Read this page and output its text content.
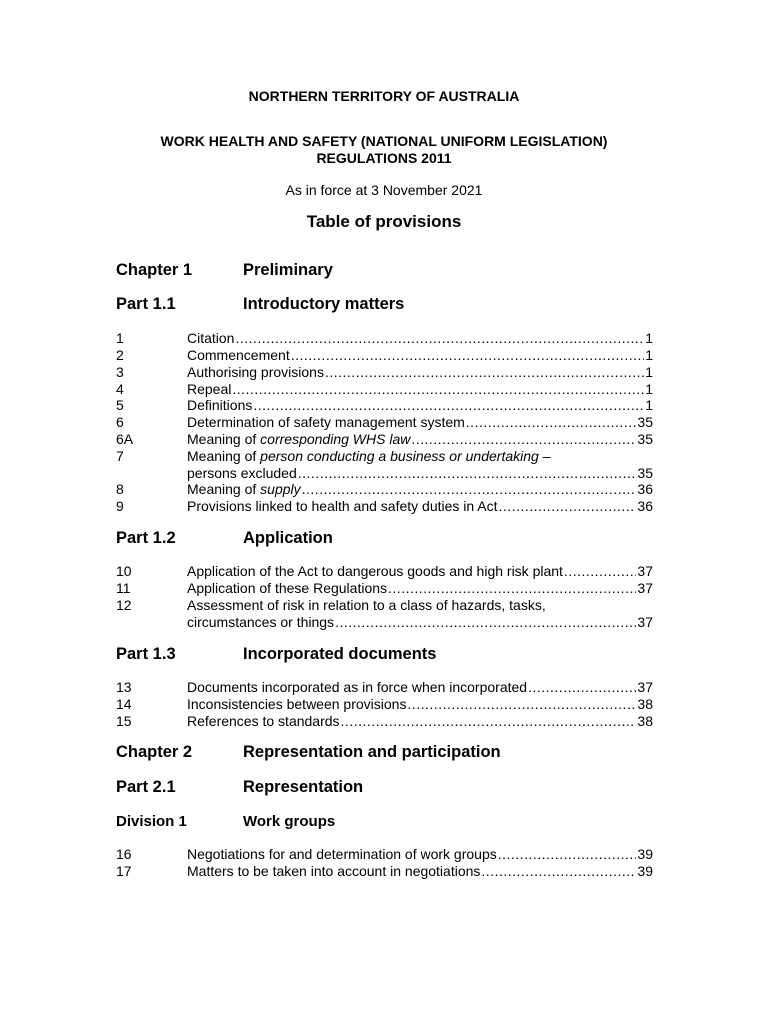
NORTHERN TERRITORY OF AUSTRALIA
WORK HEALTH AND SAFETY (NATIONAL UNIFORM LEGISLATION)
REGULATIONS 2011
As in force at 3 November 2021
Table of provisions
Chapter 1	Preliminary
Part 1.1	Introductory matters
1	Citation .....	1
2	Commencement .....	1
3	Authorising provisions .....	1
4	Repeal .....	1
5	Definitions .....	1
6	Determination of safety management system .....	35
6A	Meaning of corresponding WHS law .....	35
7	Meaning of person conducting a business or undertaking –
persons excluded .....	35
8	Meaning of supply .....	36
9	Provisions linked to health and safety duties in Act .....	36
Part 1.2	Application
10	Application of the Act to dangerous goods and high risk plant .....	37
11	Application of these Regulations .....	37
12	Assessment of risk in relation to a class of hazards, tasks,
circumstances or things .....	37
Part 1.3	Incorporated documents
13	Documents incorporated as in force when incorporated .....	37
14	Inconsistencies between provisions .....	38
15	References to standards .....	38
Chapter 2	Representation and participation
Part 2.1	Representation
Division 1	Work groups
16	Negotiations for and determination of work groups .....	39
17	Matters to be taken into account in negotiations .....	39
